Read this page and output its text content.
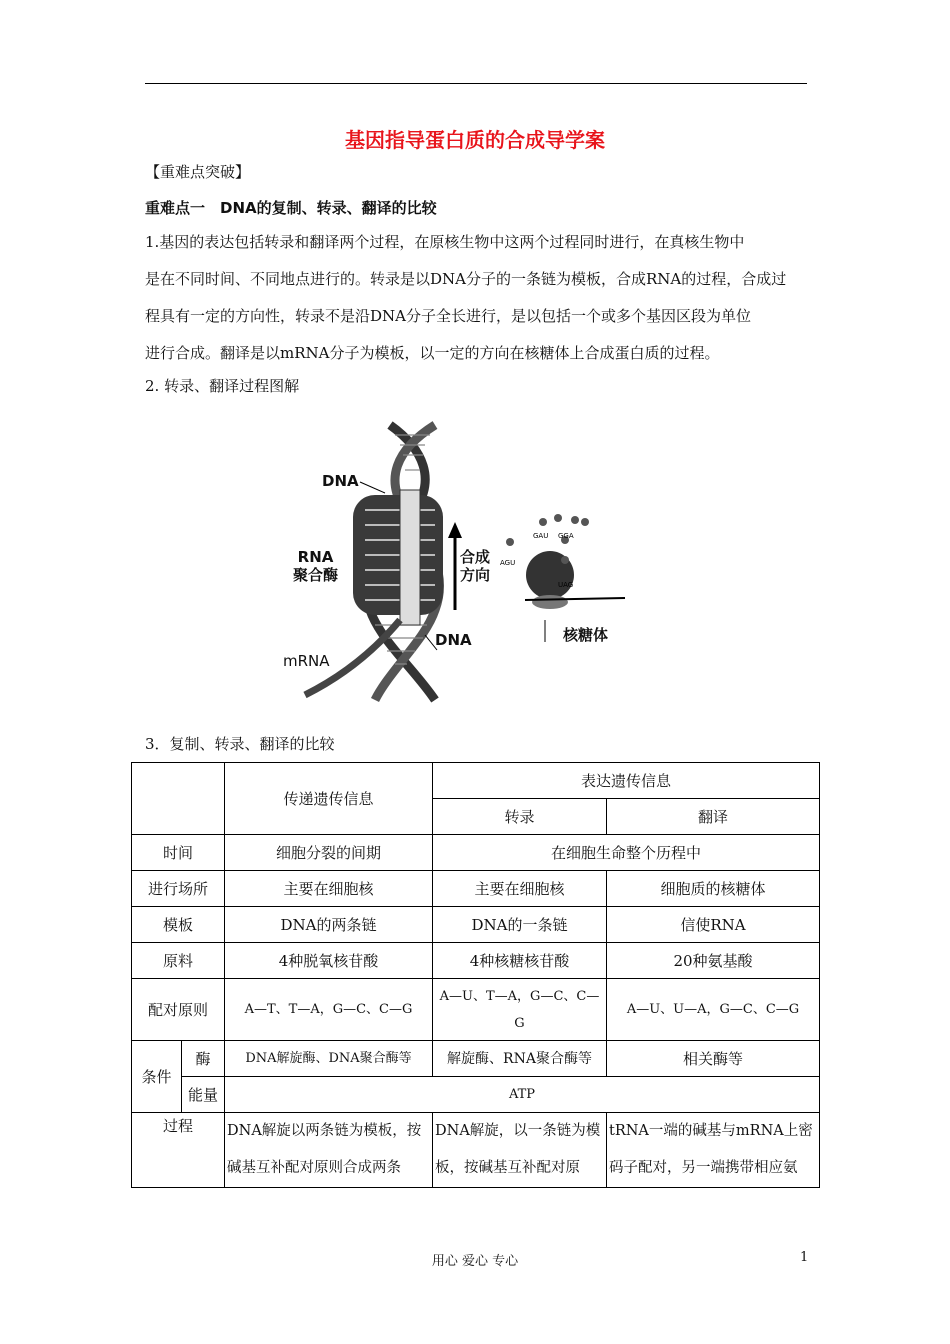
基因指导蛋白质的合成导学案
【重难点突破】
重难点一　DNA的复制、转录、翻译的比较
1.基因的表达包括转录和翻译两个过程，在原核生物中这两个过程同时进行，在真核生物中
是在不同时间、不同地点进行的。转录是以DNA分子的一条链为模板，合成RNA的过程，合成过
程具有一定的方向性，转录不是沿DNA分子全长进行，是以包括一个或多个基因区段为单位
进行合成。翻译是以mRNA分子为模板，以一定的方向在核糖体上合成蛋白质的过程。
2. 转录、翻译过程图解
GAU GGA
AGU
UAG
DNA
RNA
聚合酶
合成
方向
DNA
mRNA
核糖体
3．复制、转录、翻译的比较
		传递遗传信息	表达遗传信息	
			转录	翻译
时间		细胞分裂的间期	在细胞生命整个历程中	
进行场所		主要在细胞核	主要在细胞核	细胞质的核糖体
模板		DNA的两条链	DNA的一条链	信使RNA
原料		4种脱氧核苷酸	4种核糖核苷酸	20种氨基酸
配对原则		A—T、T—A，G—C、C—G	A—U、T—A，G—C、C—G	A—U、U—A，G—C、C—G
条件	酶	DNA解旋酶、DNA聚合酶等	解旋酶、RNA聚合酶等	相关酶等
	能量	ATP		
过程		DNA解旋以两条链为模板，按碱基互补配对原则合成两条	DNA解旋，以一条链为模板，按碱基互补配对原	tRNA一端的碱基与mRNA上密码子配对，另一端携带相应氨
用心 爱心 专心	1
